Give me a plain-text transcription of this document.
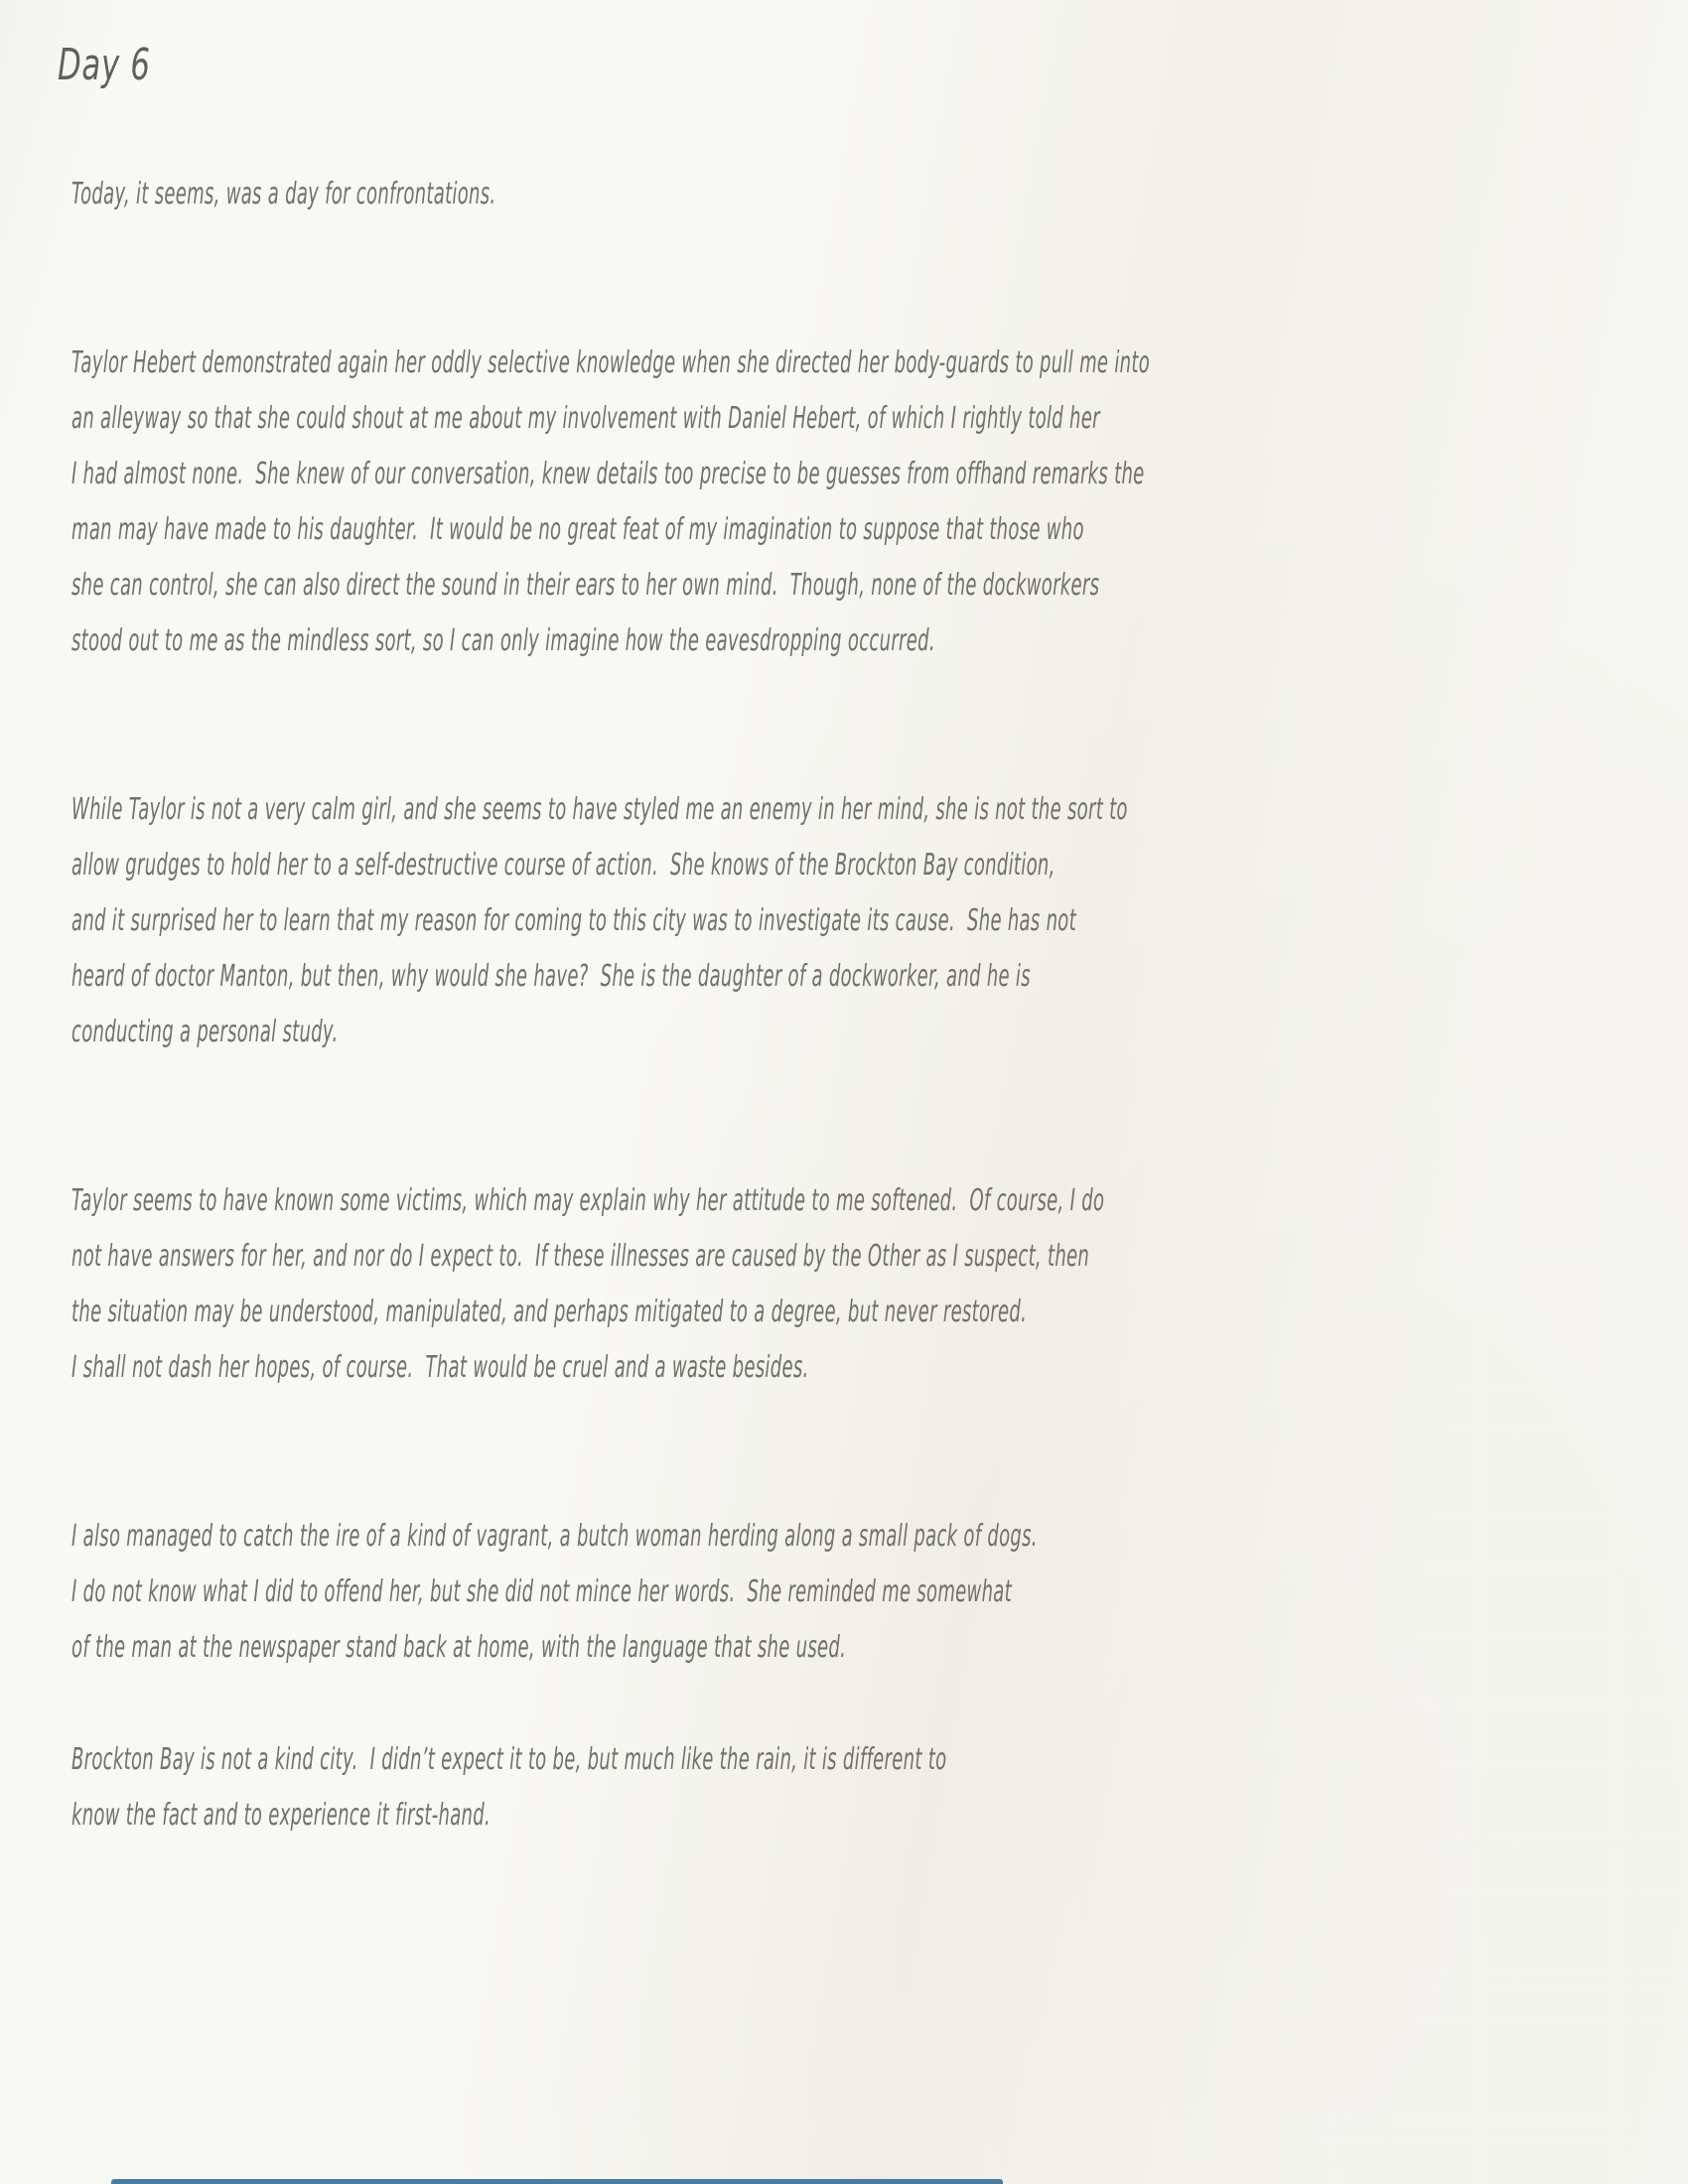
Day 6
Today, it seems, was a day for confrontations.
Taylor Hebert demonstrated again her oddly selective knowledge when she directed her body-guards to pull me into
an alleyway so that she could shout at me about my involvement with Daniel Hebert, of which I rightly told her
I had almost none.  She knew of our conversation, knew details too precise to be guesses from offhand remarks the
man may have made to his daughter.  It would be no great feat of my imagination to suppose that those who
she can control, she can also direct the sound in their ears to her own mind.  Though, none of the dockworkers
stood out to me as the mindless sort, so I can only imagine how the eavesdropping occurred.
While Taylor is not a very calm girl, and she seems to have styled me an enemy in her mind, she is not the sort to
allow grudges to hold her to a self-destructive course of action.  She knows of the Brockton Bay condition,
and it surprised her to learn that my reason for coming to this city was to investigate its cause.  She has not
heard of doctor Manton, but then, why would she have?  She is the daughter of a dockworker, and he is
conducting a personal study.
Taylor seems to have known some victims, which may explain why her attitude to me softened.  Of course, I do
not have answers for her, and nor do I expect to.  If these illnesses are caused by the Other as I suspect, then
the situation may be understood, manipulated, and perhaps mitigated to a degree, but never restored.
I shall not dash her hopes, of course.  That would be cruel and a waste besides.
I also managed to catch the ire of a kind of vagrant, a butch woman herding along a small pack of dogs.
I do not know what I did to offend her, but she did not mince her words.  She reminded me somewhat
of the man at the newspaper stand back at home, with the language that she used.
Brockton Bay is not a kind city.  I didn’t expect it to be, but much like the rain, it is different to
know the fact and to experience it first-hand.
